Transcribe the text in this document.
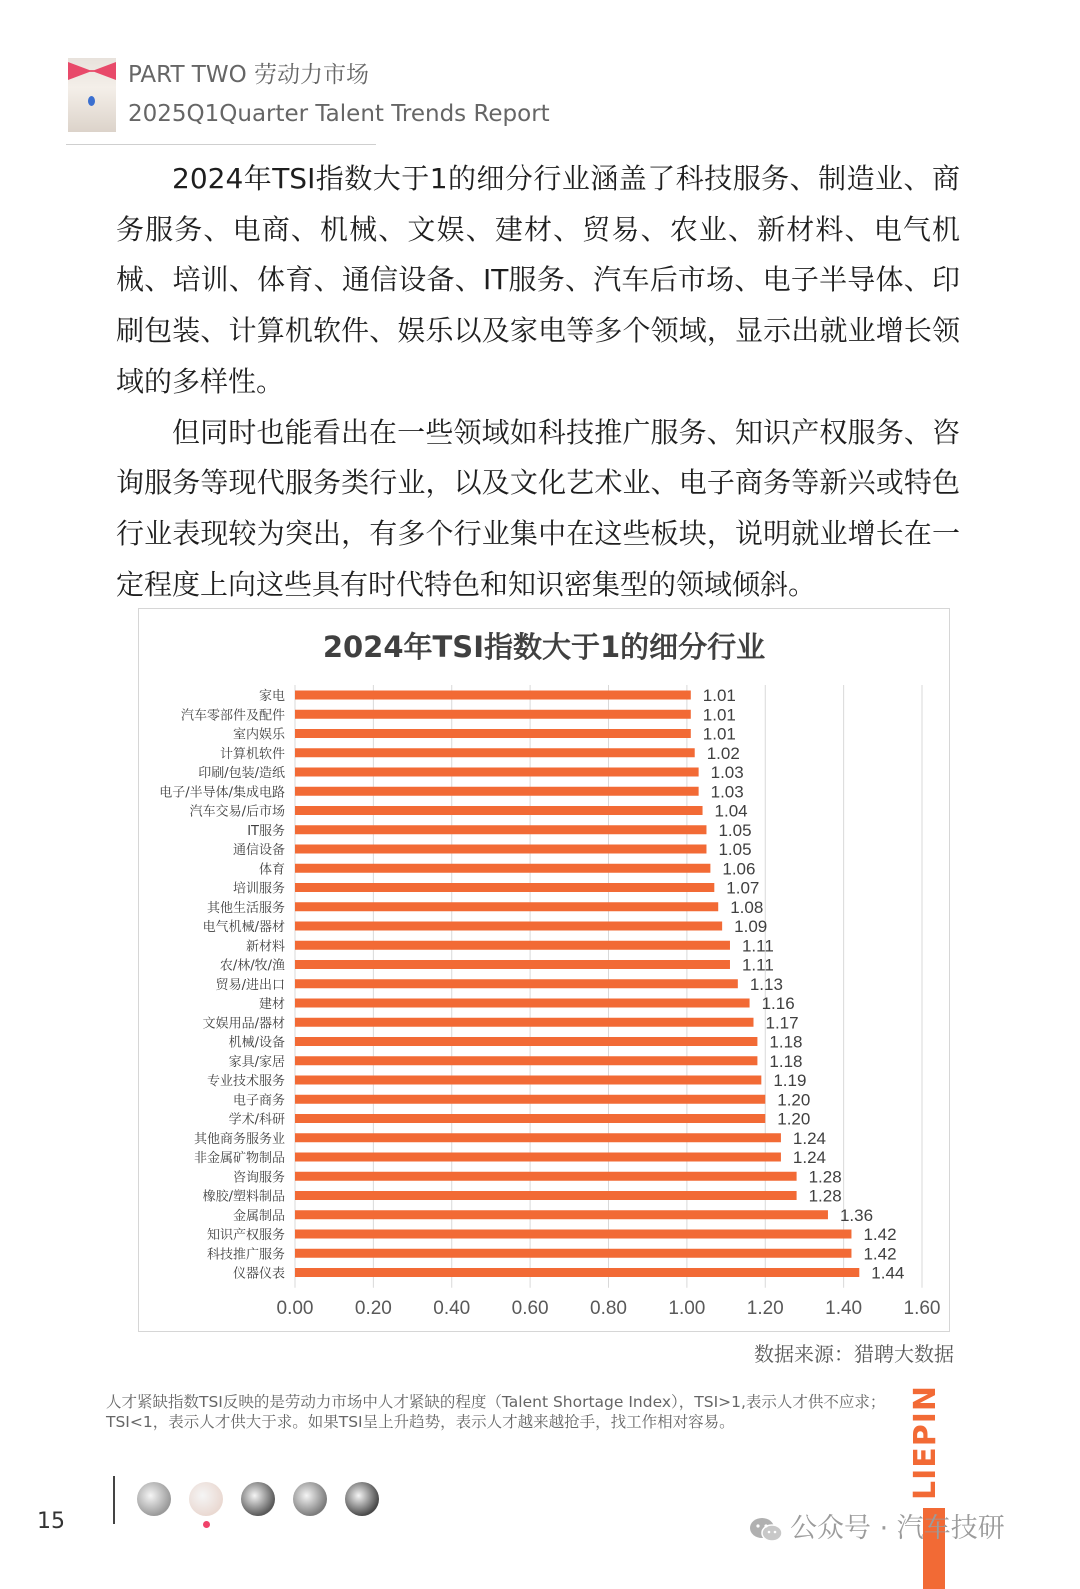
PART TWO 劳动力市场
2025Q1Quarter Talent Trends Report

2024年TSI指数大于1的细分行业涵盖了科技服务、制造业、商务服务、电商、机械、文娱、建材、贸易、农业、新材料、电气机械、培训、体育、通信设备、IT服务、汽车后市场、电子半导体、印刷包装、计算机软件、娱乐以及家电等多个领域，显示出就业增长领域的多样性。

但同时也能看出在一些领域如科技推广服务、知识产权服务、咨询服务等现代服务类行业，以及文化艺术业、电子商务等新兴或特色行业表现较为突出，有多个行业集中在这些板块，说明就业增长在一定程度上向这些具有时代特色和知识密集型的领域倾斜。

2024年TSI指数大于1的细分行业
0.00 0.20 0.40 0.60 0.80 1.00 1.20 1.40 1.60
家电	1.01
汽车零部件及配件	1.01
室内娱乐	1.01
计算机软件	1.02
印刷/包装/造纸	1.03
电子/半导体/集成电路	1.03
汽车交易/后市场	1.04
IT服务	1.05
通信设备	1.05
体育	1.06
培训服务	1.07
其他生活服务	1.08
电气机械/器材	1.09
新材料	1.11
农/林/牧/渔	1.11
贸易/进出口	1.13
建材	1.16
文娱用品/器材	1.17
机械/设备	1.18
家具/家居	1.18
专业技术服务	1.19
电子商务	1.20
学术/科研	1.20
其他商务服务业	1.24
非金属矿物制品	1.24
咨询服务	1.28
橡胶/塑料制品	1.28
金属制品	1.36
知识产权服务	1.42
科技推广服务	1.42
仪器仪表	1.44
数据来源：猎聘大数据
人才紧缺指数TSI反映的是劳动力市场中人才紧缺的程度（Talent Shortage Index），TSI>1,表示人才供不应求；TSI<1，表示人才供大于求。如果TSI呈上升趋势，表示人才越来越抢手，找工作相对容易。	LIEPIN
15	公众号 · 汽车技研
